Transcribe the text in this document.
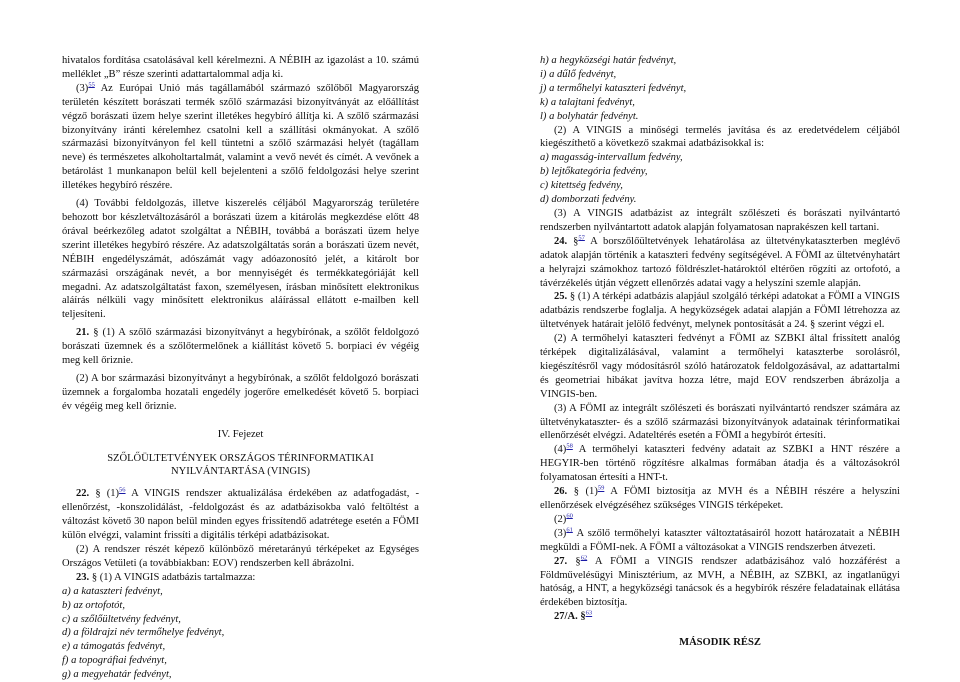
hivatalos fordítása csatolásával kell kérelmezni. A NÉBIH az igazolást a 10. számú melléklet „B” része szerinti adattartalommal adja ki.

(3)$^{55}$ Az Európai Unió más tagállamából származó szőlőből Magyarország területén készített borászati termék szőlő származási bizonyítványát az előállítást végző borászati üzem helye szerint illetékes hegybíró állítja ki. A szőlő származási bizonyítvány iránti kérelemhez csatolni kell a szállítási okmányokat. A szőlő származási bizonyítványon fel kell tüntetni a szőlő származási helyét (tagállam neve) és természetes alkoholtartalmát, valamint a vevő nevét és címét. A vevőnek a betárolást 1 munkanapon belül kell bejelenteni a szőlő feldolgozási helye szerint illetékes hegybíró részére.

(4) További feldolgozás, illetve kiszerelés céljából Magyarország területére behozott bor készletváltozásáról a borászati üzem a kitárolás megkezdése előtt 48 órával beérkezőleg adatot szolgáltat a NÉBIH, továbbá a borászati üzem helye szerint illetékes hegybíró részére. Az adatszolgáltatás során a borászati üzem nevét, NÉBIH engedélyszámát, adószámát vagy adóazonosító jelét, a kitárolt bor származási országának nevét, a bor mennyiségét és termékkategóriáját kell megadni. Az adatszolgáltatást faxon, személyesen, írásban minősített elektronikus aláírás nélküli vagy minősített elektronikus aláírással ellátott e-mailben kell teljesíteni.

21. § (1) A szőlő származási bizonyítványt a hegybírónak, a szőlőt feldolgozó borászati üzemnek és a szőlőtermelőnek a kiállítást követő 5. borpiaci év végéig meg kell őriznie.

(2) A bor származási bizonyítványt a hegybírónak, a szőlőt feldolgozó borászati üzemnek a forgalomba hozatali engedély jogerőre emelkedését követő 5. borpiaci év végéig meg kell őriznie.

IV. Fejezet
SZŐLŐÜLTETVÉNYEK ORSZÁGOS TÉRINFORMATIKAI
NYILVÁNTARTÁSA (VINGIS)

22. § (1)$^{56}$ A VINGIS rendszer aktualizálása érdekében az adatfogadást, - ellenőrzést, -konszolidálást, -feldolgozást és az adatbázisokba való feltöltést a változást követő 30 napon belül minden egyes frissítendő adatrétege esetén a FÖMI külön elvégzi, valamint frissíti a digitális térképi adatbázisokat.

(2) A rendszer részét képező különböző méretarányú térképeket az Egységes Országos Vetületi (a továbbiakban: EOV) rendszerben kell ábrázolni.

23. § (1) A VINGIS adatbázis tartalmazza:

a) a kataszteri fedvényt,

b) az ortofotót,

c) a szőlőültetvény fedvényt,

d) a földrajzi név termőhelye fedvényt,

e) a támogatás fedvényt,

f) a topográfiai fedvényt,

g) a megyehatár fedvényt,

h) a hegyközségi határ fedvényt,

i) a dűlő fedvényt,

j) a termőhelyi kataszteri fedvényt,

k) a talajtani fedvényt,

l) a bolyhatár fedvényt.

(2) A VINGIS a minőségi termelés javítása és az eredetvédelem céljából kiegészíthető a következő szakmai adatbázisokkal is:

a) magasság-intervallum fedvény,

b) lejtőkategória fedvény,

c) kitettség fedvény,

d) domborzati fedvény.

(3) A VINGIS adatbázist az integrált szőlészeti és borászati nyilvántartó rendszerben nyilvántartott adatok alapján folyamatosan naprakészen kell tartani.

24. §$^{57}$ A borszőlőültetvények lehatárolása az ültetvénykataszterben meglévő adatok alapján történik a kataszteri fedvény segítségével. A FÖMI az ültetvényhatárt a helyrajzi számokhoz tartozó földrészlet-határoktól eltérően rögzíti az ortofotó, a távérzékelés útján végzett ellenőrzés adatai vagy a helyszíni szemle alapján.

25. § (1) A térképi adatbázis alapjául szolgáló térképi adatokat a FÖMI a VINGIS adatbázis rendszerbe foglalja. A hegyközségek adatai alapján a FÖMI létrehozza az ültetvények határait jelölő fedvényt, melynek pontosítását a 24. § szerint végzi el.

(2) A termőhelyi kataszteri fedvényt a FÖMI az SZBKI által frissített analóg térképek digitalizálásával, valamint a termőhelyi kataszterbe sorolásról, kiegészítésről vagy módosításról szóló határozatok feldolgozásával, az adattartalmi és geometriai hibákat javítva hozza létre, majd EOV rendszerben ábrázolja a VINGIS-ben.

(3) A FÖMI az integrált szőlészeti és borászati nyilvántartó rendszer számára az ültetvénykataszter- és a szőlő származási bizonyítványok adatainak térinformatikai ellenőrzését elvégzi. Adateltérés esetén a FÖMI a hegybírót értesíti.

(4)$^{58}$ A termőhelyi kataszteri fedvény adatait az SZBKI a HNT részére a HEGYIR-ben történő rögzítésre alkalmas formában átadja és a változásokról folyamatosan értesíti a HNT-t.

26. § (1)$^{59}$ A FÖMI biztosítja az MVH és a NÉBIH részére a helyszíni ellenőrzések elvégzéséhez szükséges VINGIS térképeket.

(2)$^{60}$

(3)$^{61}$ A szőlő termőhelyi kataszter változtatásairól hozott határozatait a NÉBIH megküldi a FÖMI-nek. A FÖMI a változásokat a VINGIS rendszerben átvezeti.

27. §$^{62}$ A FÖMI a VINGIS rendszer adatbázisához való hozzáférést a Földművelésügyi Minisztérium, az MVH, a NÉBIH, az SZBKI, az ingatlanügyi hatóság, a HNT, a hegyközségi tanácsok és a hegybírók részére feladatainak ellátása érdekében biztosítja.

27/A. §$^{63}$

MÁSODIK RÉSZ
